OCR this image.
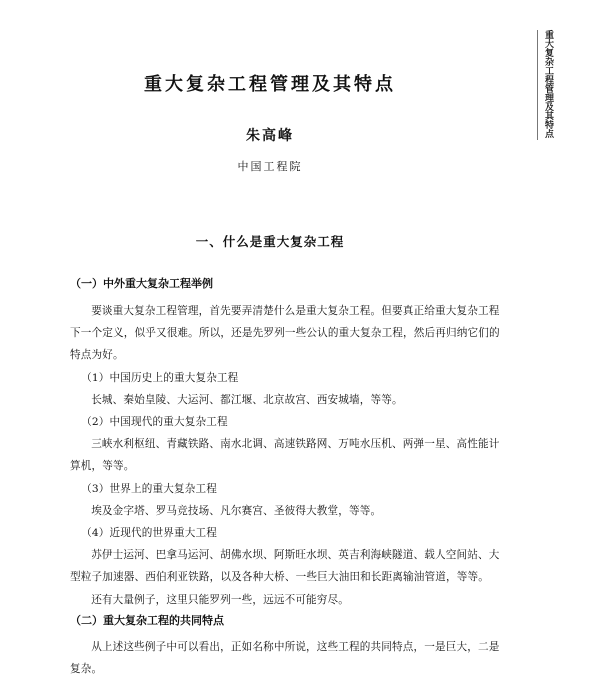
重大复杂工程管理及其特点
重大复杂工程管理及其特点
朱高峰
中国工程院
一、什么是重大复杂工程
（一）中外重大复杂工程举例

要谈重大复杂工程管理，首先要弄清楚什么是重大复杂工程。但要真正给重大复杂工程下一个定义，似乎又很难。所以，还是先罗列一些公认的重大复杂工程，然后再归纳它们的特点为好。

（1）中国历史上的重大复杂工程

长城、秦始皇陵、大运河、都江堰、北京故宫、西安城墙，等等。

（2）中国现代的重大复杂工程

三峡水利枢纽、青藏铁路、南水北调、高速铁路网、万吨水压机、两弹一星、高性能计算机，等等。

（3）世界上的重大复杂工程

埃及金字塔、罗马竞技场、凡尔赛宫、圣彼得大教堂，等等。

（4）近现代的世界重大工程

苏伊士运河、巴拿马运河、胡佛水坝、阿斯旺水坝、英吉利海峡隧道、载人空间站、大型粒子加速器、西伯利亚铁路，以及各种大桥、一些巨大油田和长距离输油管道，等等。

还有大量例子，这里只能罗列一些，远远不可能穷尽。

（二）重大复杂工程的共同特点

从上述这些例子中可以看出，正如名称中所说，这些工程的共同特点，一是巨大，二是复杂。
